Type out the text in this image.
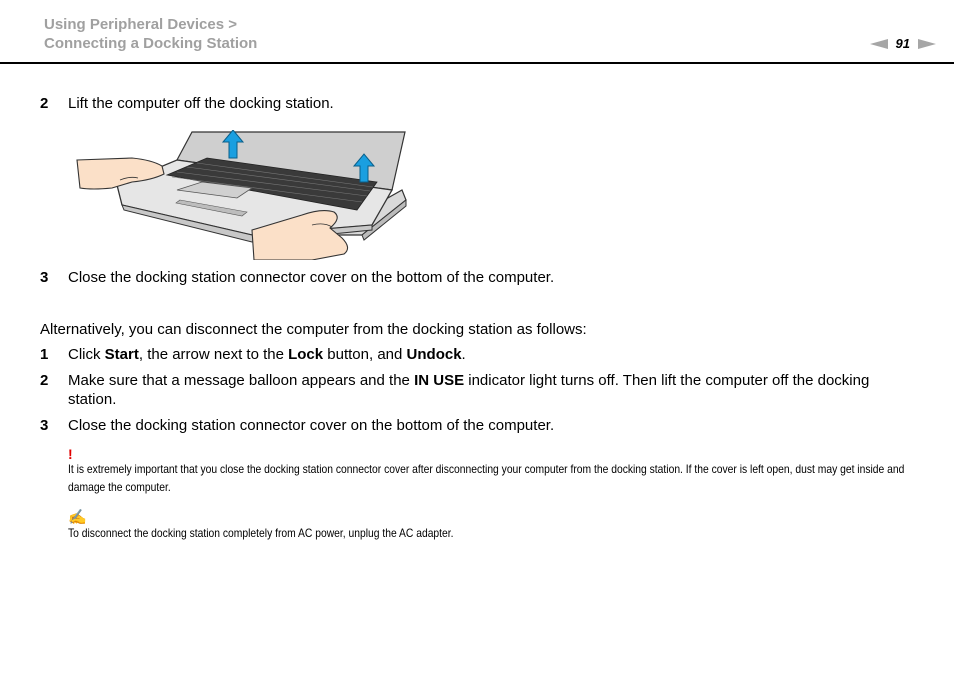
Using Peripheral Devices >
Connecting a Docking Station	91
2 Lift the computer off the docking station.
3 Close the docking station connector cover on the bottom of the computer.
Alternatively, you can disconnect the computer from the docking station as follows:
1 Click Start, the arrow next to the Lock button, and Undock.
2 Make sure that a message balloon appears and the IN USE indicator light turns off. Then lift the computer off the docking station.
3 Close the docking station connector cover on the bottom of the computer.
!
It is extremely important that you close the docking station connector cover after disconnecting your computer from the docking station. If the cover is left open, dust may get inside and damage the computer.
✍
To disconnect the docking station completely from AC power, unplug the AC adapter.
